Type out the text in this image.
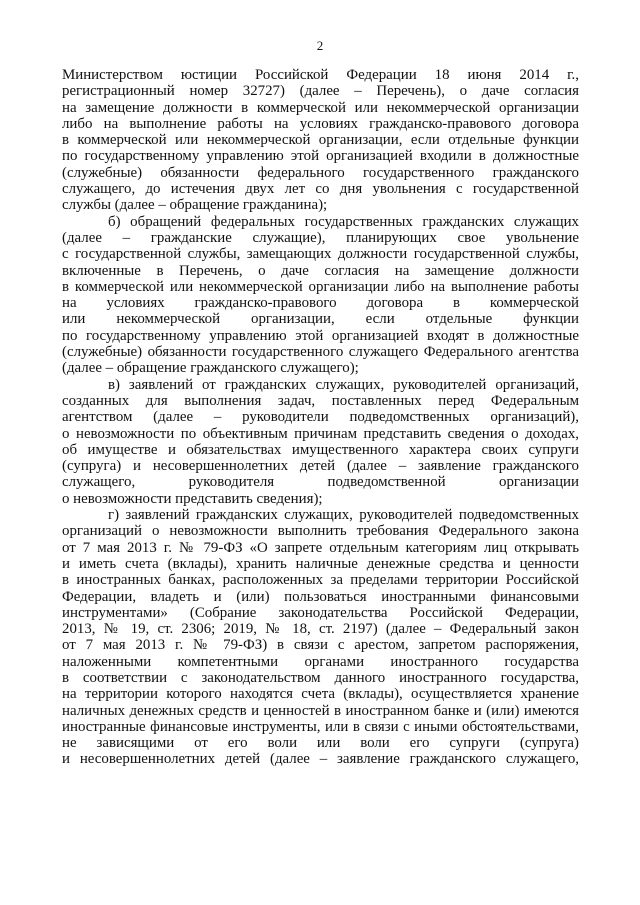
2
Министерством юстиции Российской Федерации 18 июня 2014 г.,
регистрационный номер 32727) (далее – Перечень), о даче согласия
на замещение должности в коммерческой или некоммерческой организации
либо на выполнение работы на условиях гражданско-правового договора
в коммерческой или некоммерческой организации, если отдельные функции
по государственному управлению этой организацией входили в должностные
(служебные) обязанности федерального государственного гражданского
служащего, до истечения двух лет со дня увольнения с государственной
службы (далее – обращение гражданина);
б) обращений федеральных государственных гражданских служащих
(далее – гражданские служащие), планирующих свое увольнение
с государственной службы, замещающих должности государственной службы,
включенные в Перечень, о даче согласия на замещение должности
в коммерческой или некоммерческой организации либо на выполнение работы
на условиях гражданско-правового договора в коммерческой
или некоммерческой организации, если отдельные функции
по государственному управлению этой организацией входят в должностные
(служебные) обязанности государственного служащего Федерального агентства
(далее – обращение гражданского служащего);
в) заявлений от гражданских служащих, руководителей организаций,
созданных для выполнения задач, поставленных перед Федеральным
агентством (далее – руководители подведомственных организаций),
о невозможности по объективным причинам представить сведения о доходах,
об имуществе и обязательствах имущественного характера своих супруги
(супруга) и несовершеннолетних детей (далее – заявление гражданского
служащего, руководителя подведомственной организации
о невозможности представить сведения);
г) заявлений гражданских служащих, руководителей подведомственных
организаций о невозможности выполнить требования Федерального закона
от 7 мая 2013 г. № 79-ФЗ «О запрете отдельным категориям лиц открывать
и иметь счета (вклады), хранить наличные денежные средства и ценности
в иностранных банках, расположенных за пределами территории Российской
Федерации, владеть и (или) пользоваться иностранными финансовыми
инструментами» (Собрание законодательства Российской Федерации,
2013, № 19, ст. 2306; 2019, № 18, ст. 2197) (далее – Федеральный закон
от 7 мая 2013 г. № 79-ФЗ) в связи с арестом, запретом распоряжения,
наложенными компетентными органами иностранного государства
в соответствии с законодательством данного иностранного государства,
на территории которого находятся счета (вклады), осуществляется хранение
наличных денежных средств и ценностей в иностранном банке и (или) имеются
иностранные финансовые инструменты, или в связи с иными обстоятельствами,
не зависящими от его воли или воли его супруги (супруга)
и несовершеннолетних детей (далее – заявление гражданского служащего,
